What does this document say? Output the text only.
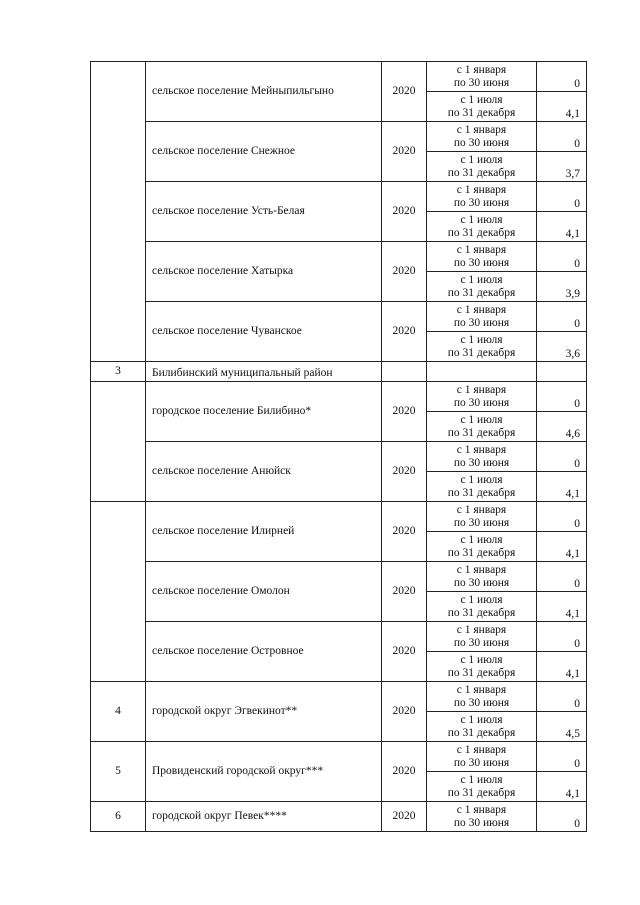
	сельское поселение Мейныпильгыно	2020	с 1 января
по 30 июня	0

			с 1 июля
по 31 декабря	4,1
	сельское поселение Снежное	2020	с 1 января
по 30 июня	0

			с 1 июля
по 31 декабря	3,7
	сельское поселение Усть-Белая	2020	с 1 января
по 30 июня	0

			с 1 июля
по 31 декабря	4,1
	сельское поселение Хатырка	2020	с 1 января
по 30 июня	0

			с 1 июля
по 31 декабря	3,9
	сельское поселение Чуванское	2020	с 1 января
по 30 июня	0

			с 1 июля
по 31 декабря	3,6
3	Билибинский муниципальный район			
	городское поселение Билибино*	2020	с 1 января
по 30 июня	0

			с 1 июля
по 31 декабря	4,6
	сельское поселение Анюйск	2020	с 1 января
по 30 июня	0

			с 1 июля
по 31 декабря	4,1
	сельское поселение Илирней	2020	с 1 января
по 30 июня	0

			с 1 июля
по 31 декабря	4,1
	сельское поселение Омолон	2020	с 1 января
по 30 июня	0

			с 1 июля
по 31 декабря	4,1
	сельское поселение Островное	2020	с 1 января
по 30 июня	0

			с 1 июля
по 31 декабря	4,1
4	городской округ Эгвекинот**	2020	с 1 января
по 30 июня	0

			с 1 июля
по 31 декабря	4,5
5	Провиденский городской округ***	2020	с 1 января
по 30 июня	0

			с 1 июля
по 31 декабря	4,1
6	городской округ Певек****	2020	с 1 января
по 30 июня	0
